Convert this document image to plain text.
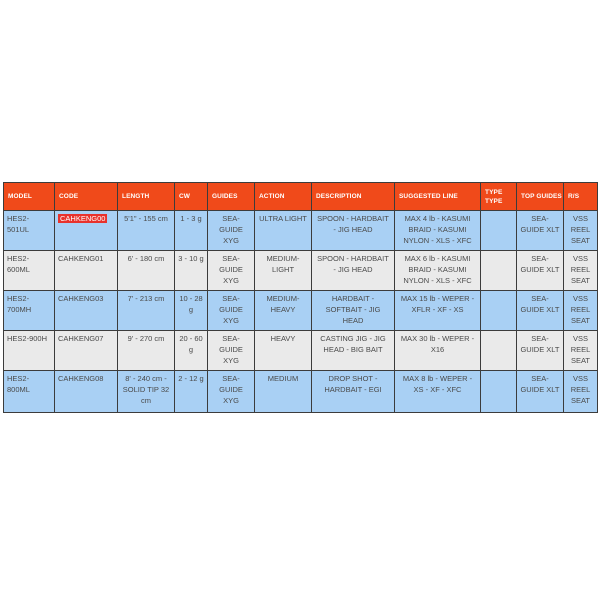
MODEL	CODE	LENGTH	CW	GUIDES	ACTION	DESCRIPTION	SUGGESTED LINE	TYPE TYPE	TOP GUIDES	R/S
HES2-501UL	CAHKENG00	5'1" - 155 cm	1 - 3 g	SEA-GUIDE XYG	ULTRA LIGHT	SPOON - HARDBAIT - JIG HEAD	MAX 4 lb - KASUMI BRAID - KASUMI NYLON - XLS - XFC		SEA-GUIDE XLT	VSS REEL SEAT
HES2-600ML	CAHKENG01	6' - 180 cm	3 - 10 g	SEA-GUIDE XYG	MEDIUM-LIGHT	SPOON - HARDBAIT - JIG HEAD	MAX 6 lb - KASUMI BRAID - KASUMI NYLON - XLS - XFC		SEA-GUIDE XLT	VSS REEL SEAT
HES2-700MH	CAHKENG03	7' - 213 cm	10 - 28 g	SEA-GUIDE XYG	MEDIUM-HEAVY	HARDBAIT - SOFTBAIT - JIG HEAD	MAX 15 lb - WEPER - XFLR - XF - XS		SEA-GUIDE XLT	VSS REEL SEAT
HES2-900H	CAHKENG07	9' - 270 cm	20 - 60 g	SEA-GUIDE XYG	HEAVY	CASTING JIG - JIG HEAD - BIG BAIT	MAX 30 lb - WEPER - X16		SEA-GUIDE XLT	VSS REEL SEAT
HES2-800ML	CAHKENG08	8' - 240 cm - SOLID TIP 32 cm	2 - 12 g	SEA-GUIDE XYG	MEDIUM	DROP SHOT - HARDBAIT - EGI	MAX 8 lb - WEPER - XS - XF - XFC		SEA-GUIDE XLT	VSS REEL SEAT
